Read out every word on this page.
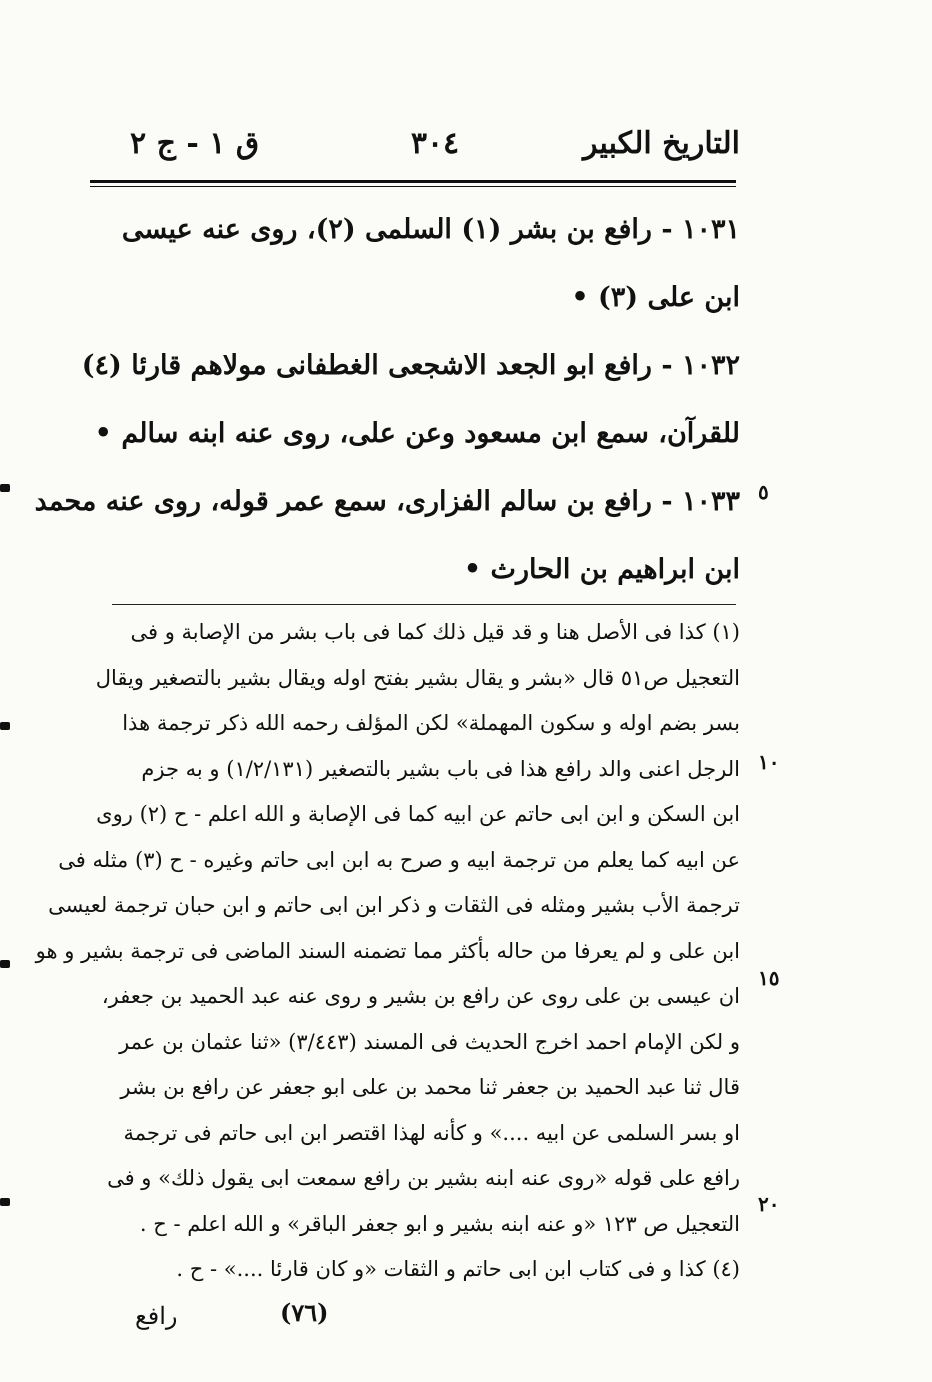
التاريخ الكبير
٣٠٤
ق ١ - ج ٢
١٠٣١ - رافع بن بشر (١) السلمى (٢)، روى عنه عيسى
ابن على (٣) •
١٠٣٢ - رافع ابو الجعد الاشجعى الغطفانى مولاهم قارئا (٤)
للقرآن، سمع ابن مسعود وعن على، روى عنه ابنه سالم •
١٠٣٣ - رافع بن سالم الفزارى، سمع عمر قوله، روى عنه محمد
ابن ابراهيم بن الحارث •
٥
(١) كذا فى الأصل هنا و قد قيل ذلك كما فى باب بشر من الإصابة و فى
التعجيل ص٥١ قال «بشر و يقال بشير بفتح اوله ويقال بشير بالتصغير ويقال
بسر بضم اوله و سكون المهملة» لكن المؤلف رحمه الله ذكر ترجمة هذا
الرجل اعنى والد رافع هذا فى باب بشير بالتصغير (١/٢/١٣١) و به جزم
ابن السكن و ابن ابى حاتم عن ابيه كما فى الإصابة و الله اعلم - ح (٢) روى
عن ابيه كما يعلم من ترجمة ابيه و صرح به ابن ابى حاتم وغيره - ح (٣) مثله فى
ترجمة الأب بشير ومثله فى الثقات و ذكر ابن ابى حاتم و ابن حبان ترجمة لعيسى
ابن على و لم يعرفا من حاله بأكثر مما تضمنه السند الماضى فى ترجمة بشير و هو
ان عيسى بن على روى عن رافع بن بشير و روى عنه عبد الحميد بن جعفر،
و لكن الإمام احمد اخرج الحديث فى المسند (٣/٤٤٣) «ثنا عثمان بن عمر
قال ثنا عبد الحميد بن جعفر ثنا محمد بن على ابو جعفر عن رافع بن بشر
او بسر السلمى عن ابيه ....» و كأنه لهذا اقتصر ابن ابى حاتم فى ترجمة
رافع على قوله «روى عنه ابنه بشير بن رافع سمعت ابى يقول ذلك» و فى
التعجيل ص ١٢٣ «و عنه ابنه بشير و ابو جعفر الباقر» و الله اعلم - ح .
(٤) كذا و فى كتاب ابن ابى حاتم و الثقات «و كان قارئا ....» - ح .
١٠
١٥
٢٠
(٧٦)
رافع
